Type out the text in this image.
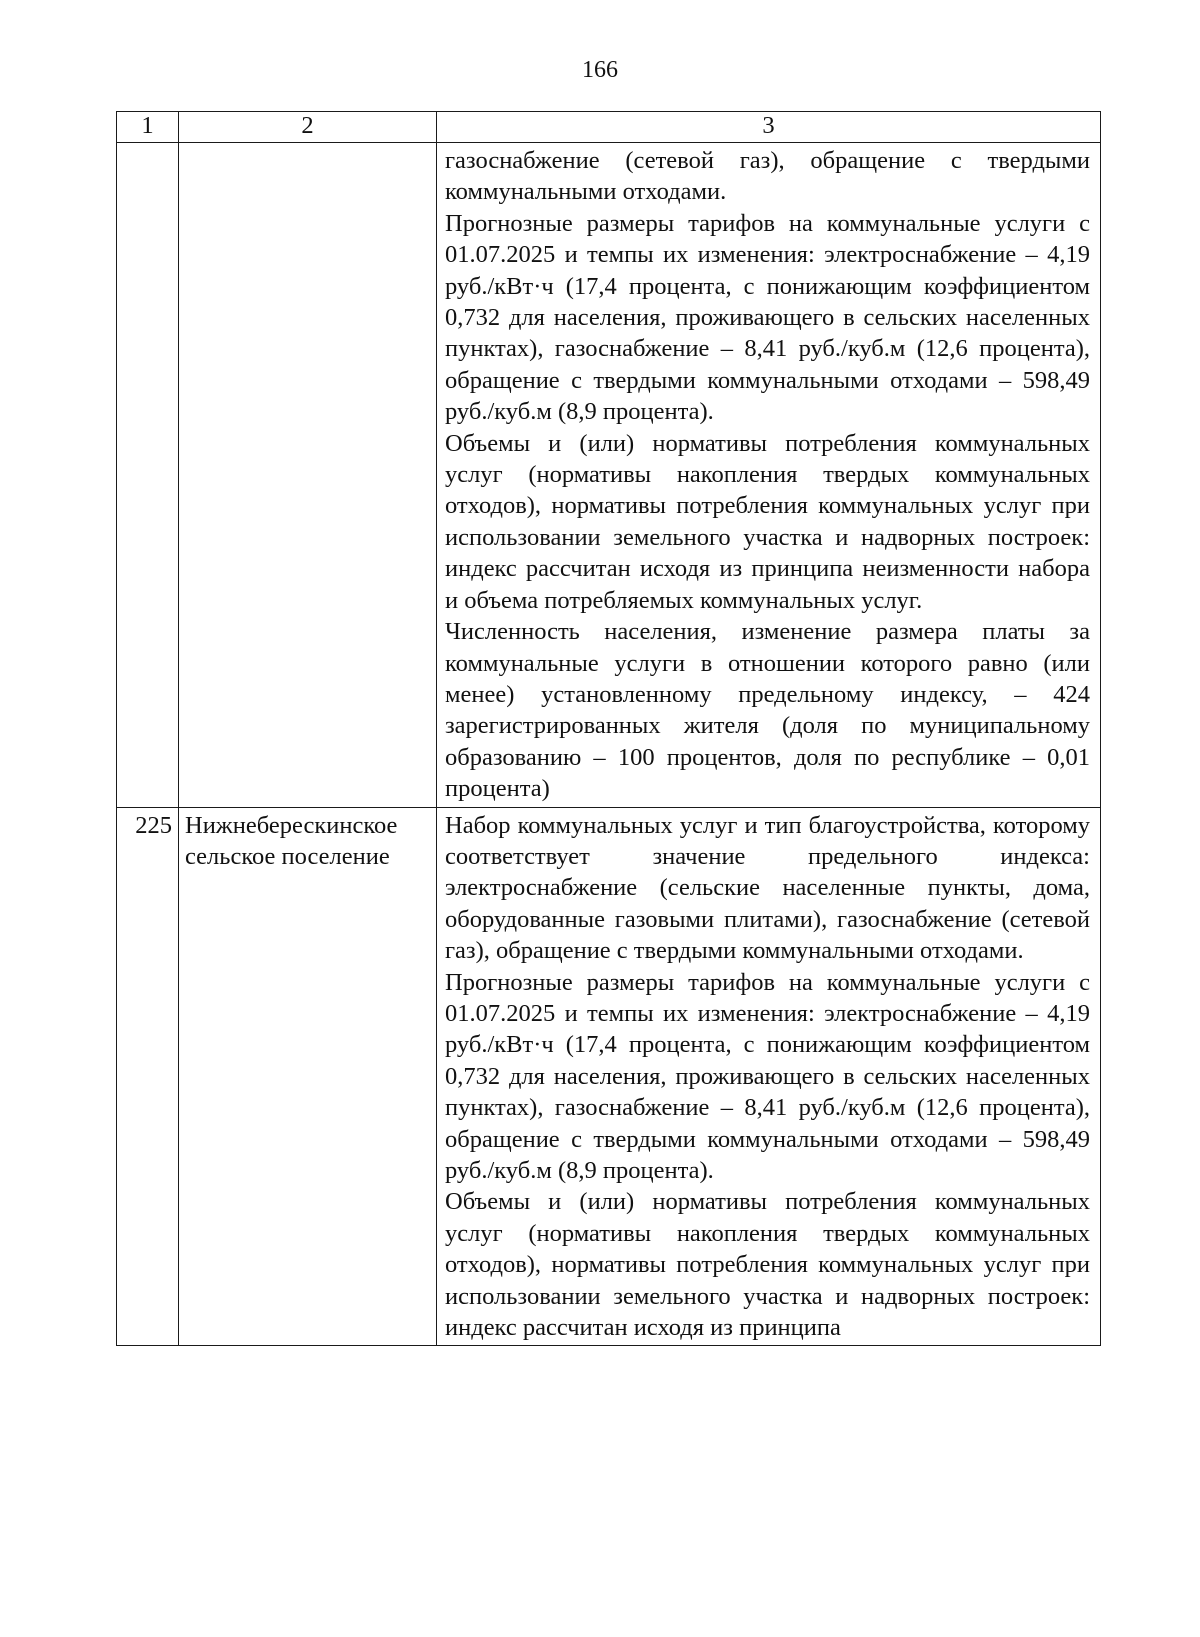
166
1	2	3

		газоснабжение (сетевой газ), обращение с твердыми коммунальными отходами.

Прогнозные размеры тарифов на коммунальные услуги с 01.07.2025 и темпы их изменения: электроснабжение – 4,19 руб./кВт·ч (17,4 процента, с понижающим коэффициентом 0,732 для населения, проживающего в сельских населенных пунктах), газоснабжение – 8,41 руб./куб.м (12,6 процента), обращение с твердыми коммунальными отходами – 598,49 руб./куб.м (8,9 процента).

Объемы и (или) нормативы потребления коммунальных услуг (нормативы накопления твердых коммунальных отходов), нормативы потребления коммунальных услуг при использовании земельного участка и надворных построек: индекс рассчитан исходя из принципа неизменности набора и объема потребляемых коммунальных услуг.

Численность населения, изменение размера платы за коммунальные услуги в отношении которого равно (или менее) установленному предельному индексу, – 424 зарегистрированных жителя (доля по муниципальному образованию – 100 процентов, доля по республике – 0,01 процента)

225	Нижнеберескинское сельское поселение	Набор коммунальных услуг и тип благоустройства, которому соответствует значение предельного индекса: электроснабжение (сельские населенные пункты, дома, оборудованные газовыми плитами), газоснабжение (сетевой газ), обращение с твердыми коммунальными отходами.

Прогнозные размеры тарифов на коммунальные услуги с 01.07.2025 и темпы их изменения: электроснабжение – 4,19 руб./кВт·ч (17,4 процента, с понижающим коэффициентом 0,732 для населения, проживающего в сельских населенных пунктах), газоснабжение – 8,41 руб./куб.м (12,6 процента), обращение с твердыми коммунальными отходами – 598,49 руб./куб.м (8,9 процента).

Объемы и (или) нормативы потребления коммунальных услуг (нормативы накопления твердых коммунальных отходов), нормативы потребления коммунальных услуг при использовании земельного участка и надворных построек: индекс рассчитан исходя из принципа
